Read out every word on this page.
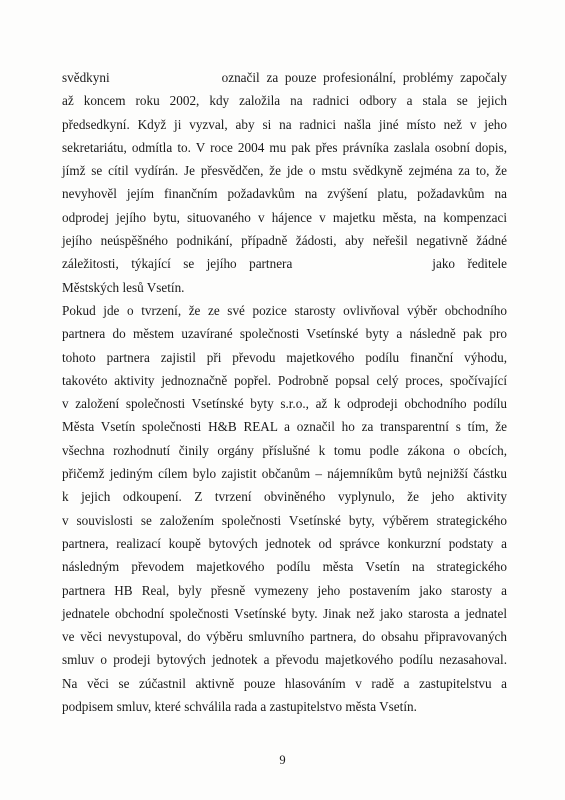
svědkyni	označil za pouze profesionální, problémy započaly
až koncem roku 2002, kdy založila na radnici odbory a stala se jejich
předsedkyní. Když ji vyzval, aby si na radnici našla jiné místo než v jeho
sekretariátu, odmítla to. V roce 2004 mu pak přes právníka zaslala osobní dopis,
jímž se cítil vydírán. Je přesvědčen, že jde o mstu svědkyně zejména za to, že
nevyhověl jejím finančním požadavkům na zvýšení platu, požadavkům na
odprodej jejího bytu, situovaného v hájence v majetku města, na kompenzaci
jejího neúspěšného podnikání, případně žádosti, aby neřešil negativně žádné
záležitosti, týkající se jejího partnera	jako ředitele
Městských lesů Vsetín.

Pokud jde o tvrzení, že ze své pozice starosty ovlivňoval výběr obchodního
partnera do městem uzavírané společnosti Vsetínské byty a následně pak pro
tohoto partnera zajistil při převodu majetkového podílu finanční výhodu,
takovéto aktivity jednoznačně popřel. Podrobně popsal celý proces, spočívající
v založení společnosti Vsetínské byty s.r.o., až k odprodeji obchodního podílu
Města Vsetín společnosti H&B REAL a označil ho za transparentní s tím, že
všechna rozhodnutí činily orgány příslušné k tomu podle zákona o obcích,
přičemž jediným cílem bylo zajistit občanům – nájemníkům bytů nejnižší částku
k jejich odkoupení. Z tvrzení obviněného vyplynulo, že jeho aktivity
v souvislosti se založením společnosti Vsetínské byty, výběrem strategického
partnera, realizací koupě bytových jednotek od správce konkurzní podstaty a
následným převodem majetkového podílu města Vsetín na strategického
partnera HB Real, byly přesně vymezeny jeho postavením jako starosty a
jednatele obchodní společnosti Vsetínské byty. Jinak než jako starosta a jednatel
ve věci nevystupoval, do výběru smluvního partnera, do obsahu připravovaných
smluv o prodeji bytových jednotek a převodu majetkového podílu nezasahoval.
Na věci se zúčastnil aktivně pouze hlasováním v radě a zastupitelstvu a
podpisem smluv, které schválila rada a zastupitelstvo města Vsetín.

9
